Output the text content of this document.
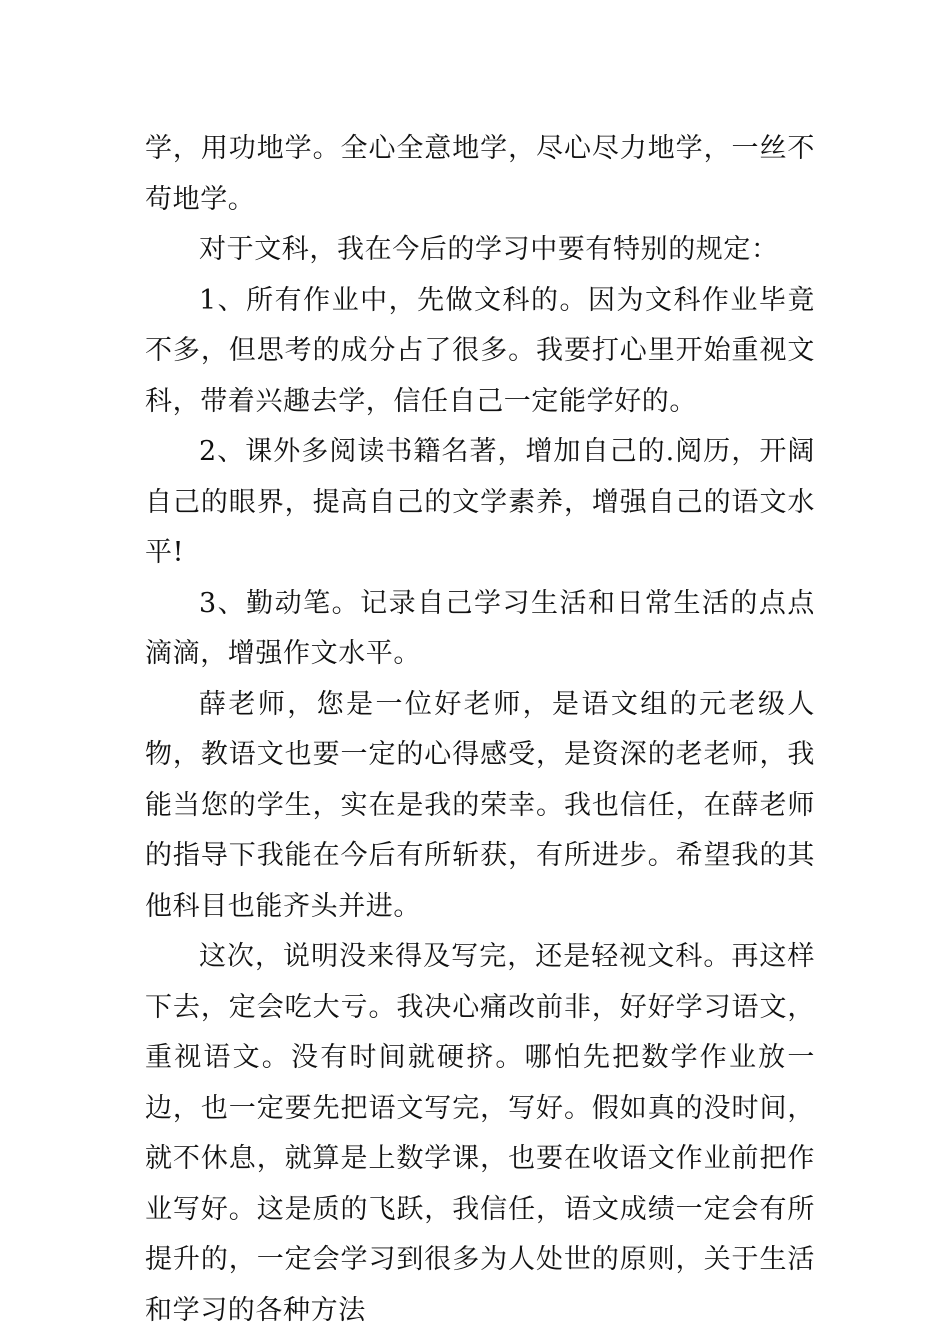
学，用功地学。全心全意地学，尽心尽力地学，一丝不苟地学。

对于文科，我在今后的学习中要有特别的规定：

1、所有作业中，先做文科的。因为文科作业毕竟不多，但思考的成分占了很多。我要打心里开始重视文科，带着兴趣去学，信任自己一定能学好的。

2、课外多阅读书籍名著，增加自己的.阅历，开阔自己的眼界，提高自己的文学素养，增强自己的语文水平!

3、勤动笔。记录自己学习生活和日常生活的点点滴滴，增强作文水平。

薛老师，您是一位好老师，是语文组的元老级人物，教语文也要一定的心得感受，是资深的老老师，我能当您的学生，实在是我的荣幸。我也信任，在薛老师的指导下我能在今后有所斩获，有所进步。希望我的其他科目也能齐头并进。

这次，说明没来得及写完，还是轻视文科。再这样下去，定会吃大亏。我决心痛改前非，好好学习语文，重视语文。没有时间就硬挤。哪怕先把数学作业放一边，也一定要先把语文写完，写好。假如真的没时间，就不休息，就算是上数学课，也要在收语文作业前把作业写好。这是质的飞跃，我信任，语文成绩一定会有所提升的，一定会学习到很多为人处世的原则，关于生活和学习的各种方法
